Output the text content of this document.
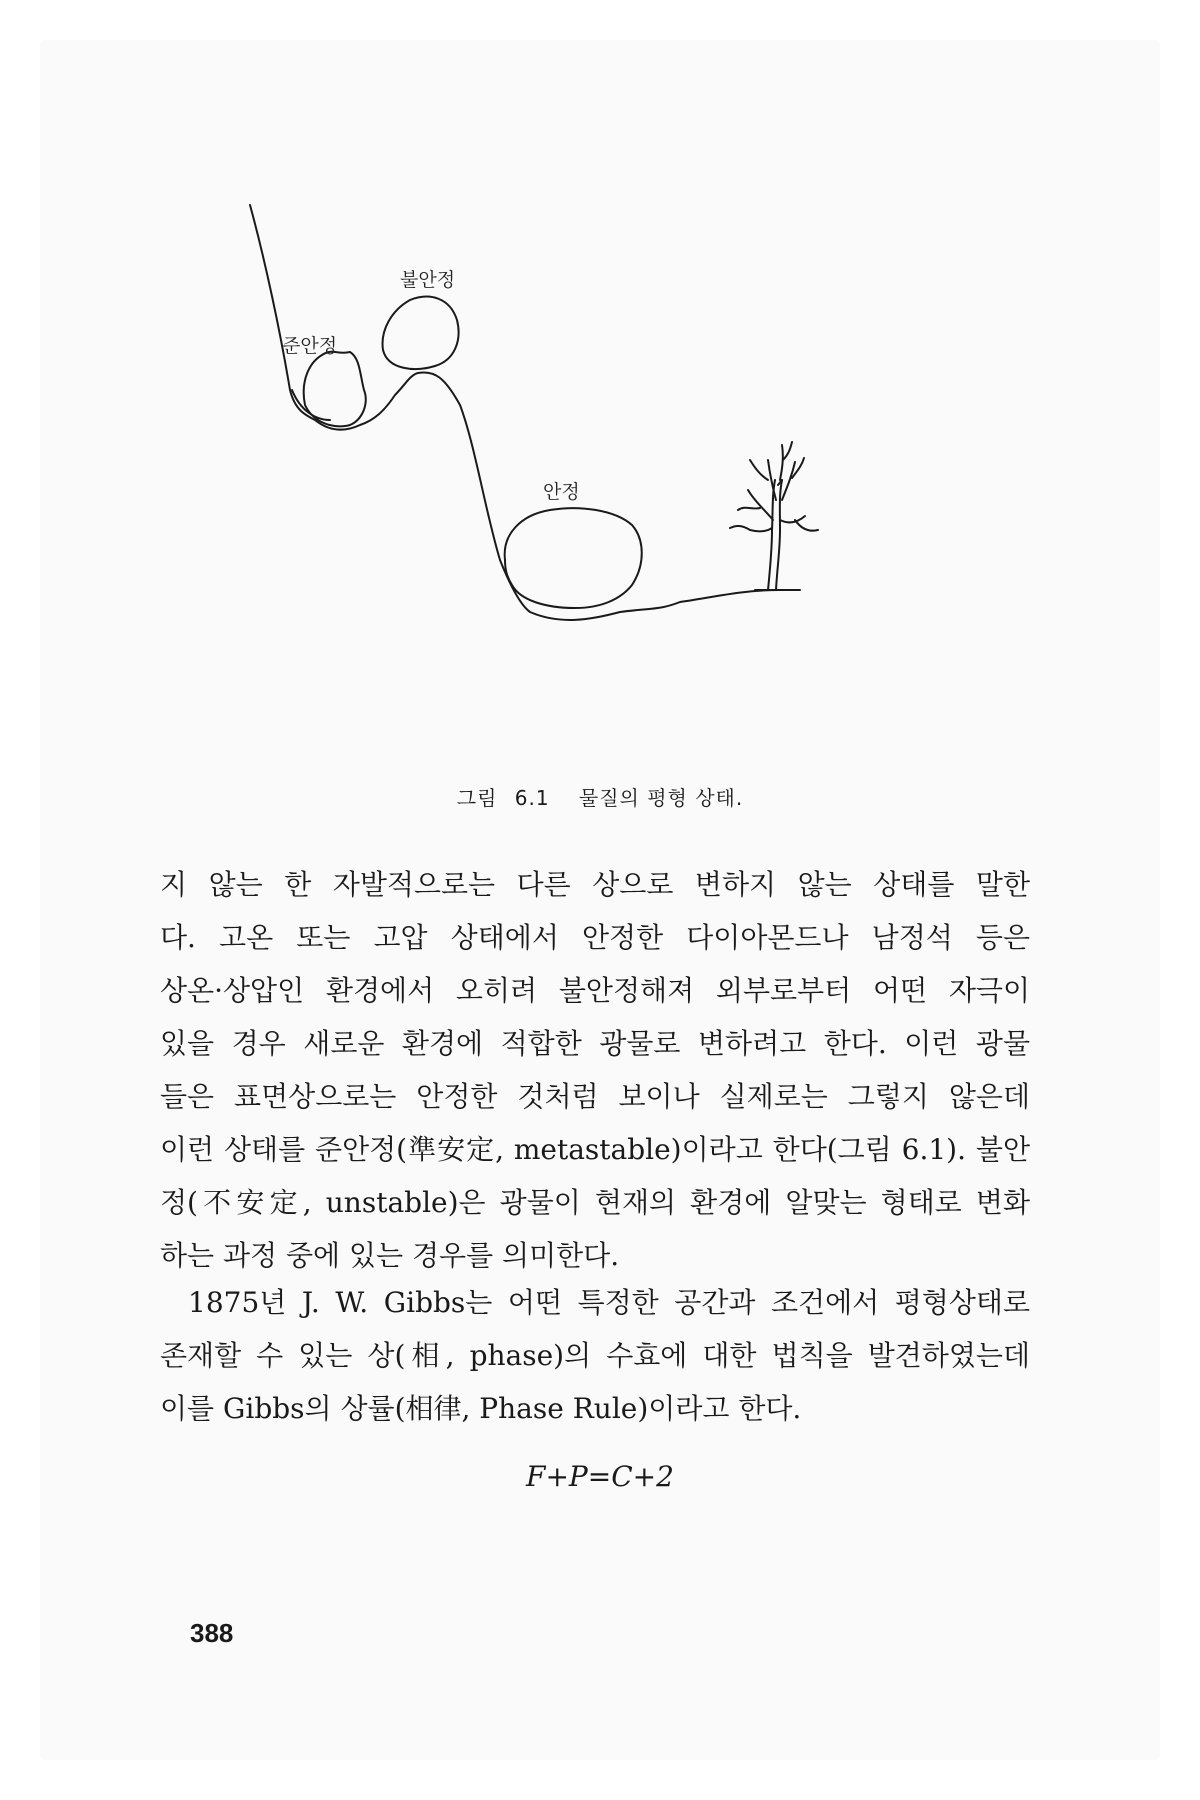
준안정
불안정
안정
그림 6.1 물질의 평형 상태.
지 않는 한 자발적으로는 다른 상으로 변하지 않는 상태를 말한
다. 고온 또는 고압 상태에서 안정한 다이아몬드나 남정석 등은
상온·상압인 환경에서 오히려 불안정해져 외부로부터 어떤 자극이
있을 경우 새로운 환경에 적합한 광물로 변하려고 한다. 이런 광물
들은 표면상으로는 안정한 것처럼 보이나 실제로는 그렇지 않은데
이런 상태를 준안정(準安定, metastable)이라고 한다(그림 6.1). 불안
정(不安定, unstable)은 광물이 현재의 환경에 알맞는 형태로 변화
하는 과정 중에 있는 경우를 의미한다.
1875년 J. W. Gibbs는 어떤 특정한 공간과 조건에서 평형상태로
존재할 수 있는 상(相, phase)의 수효에 대한 법칙을 발견하였는데
이를 Gibbs의 상률(相律, Phase Rule)이라고 한다.
F+P=C+2
388
